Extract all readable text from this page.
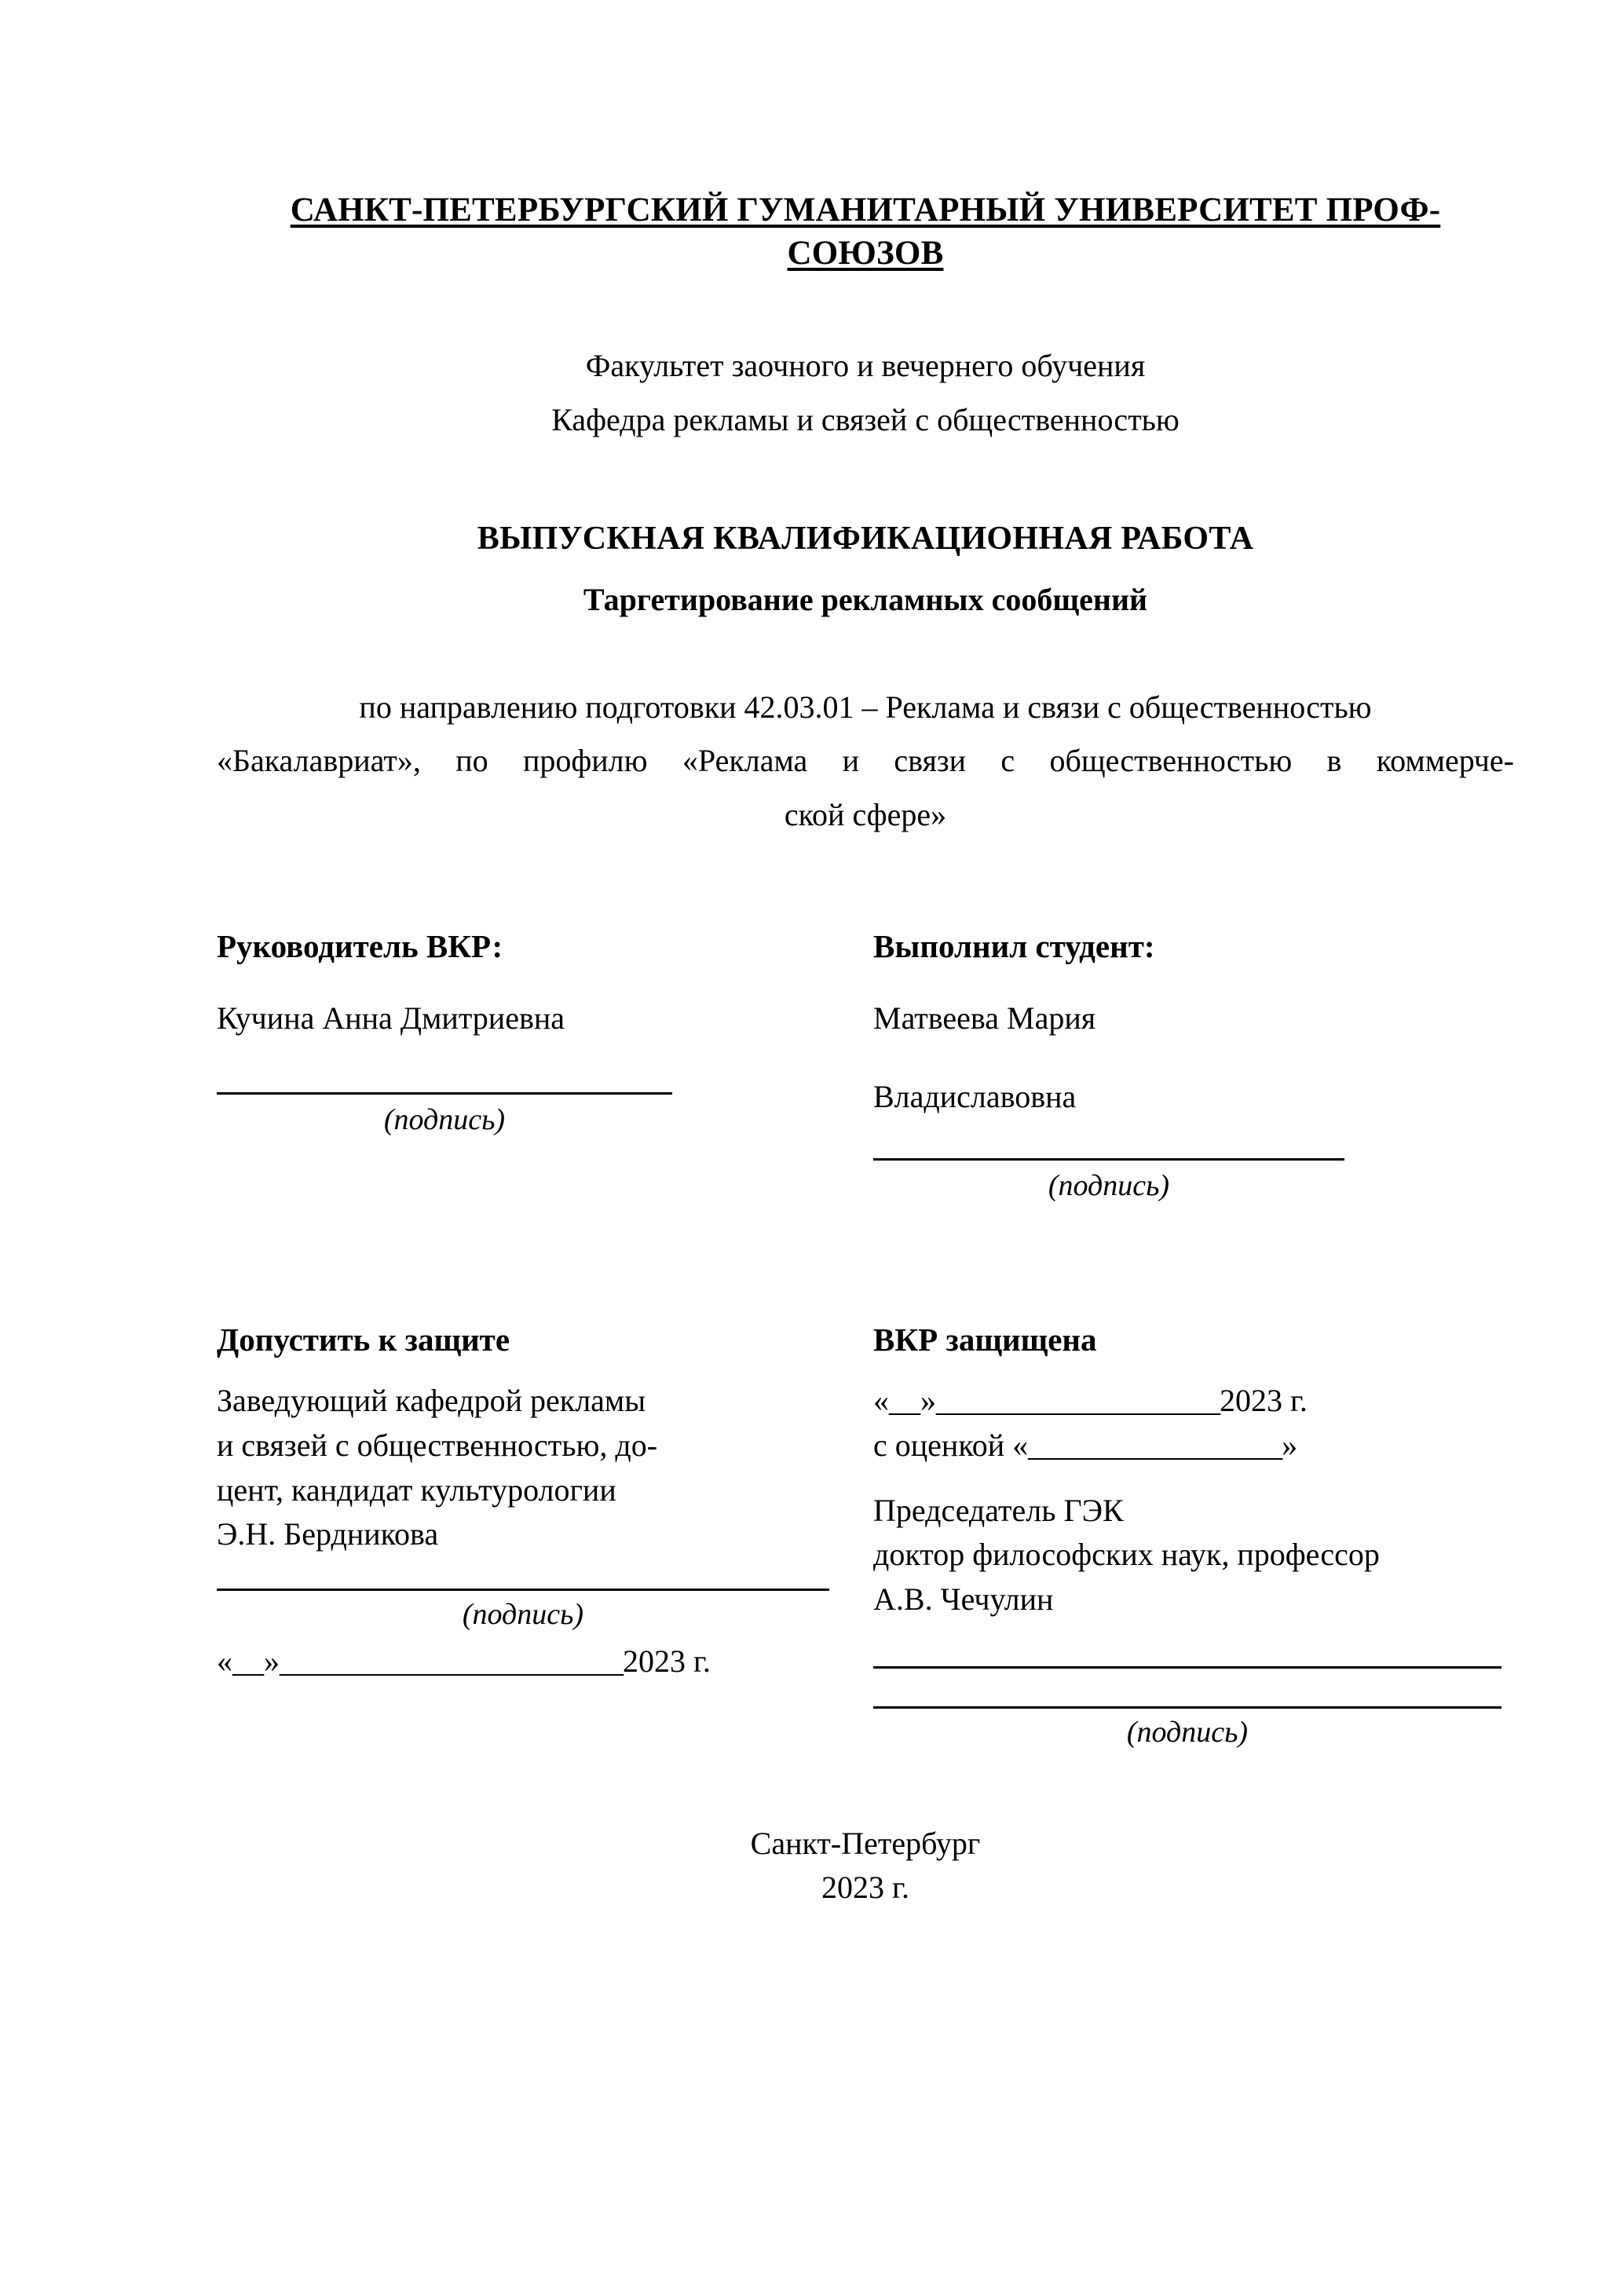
САНКТ-ПЕТЕРБУРГСКИЙ ГУМАНИТАРНЫЙ УНИВЕРСИТЕТ ПРОФ-
СОЮЗОВ
Факультет заочного и вечернего обучения
Кафедра рекламы и связей с общественностью
ВЫПУСКНАЯ КВАЛИФИКАЦИОННАЯ РАБОТА
Таргетирование рекламных сообщений
по направлению подготовки 42.03.01 – Реклама и связи с общественностью
«Бакалавриат», по профилю «Реклама и связи с общественностью в коммерче-
ской сфере»
Руководитель ВКР:
Кучина Анна Дмитриевна
(подпись)
Выполнил студент:
Матвеева Мария
Владиславовна
(подпись)
Допустить к защите
Заведующий кафедрой рекламы
и связей с общественностью, до-
цент, кандидат культурологии
Э.Н. Бердникова
(подпись)
«__»_______________________2023 г.
ВКР защищена
«__»___________________2023 г.
с оценкой «_________________»
Председатель ГЭК
доктор философских наук, профессор
А.В. Чечулин
(подпись)
Санкт-Петербург
2023 г.
